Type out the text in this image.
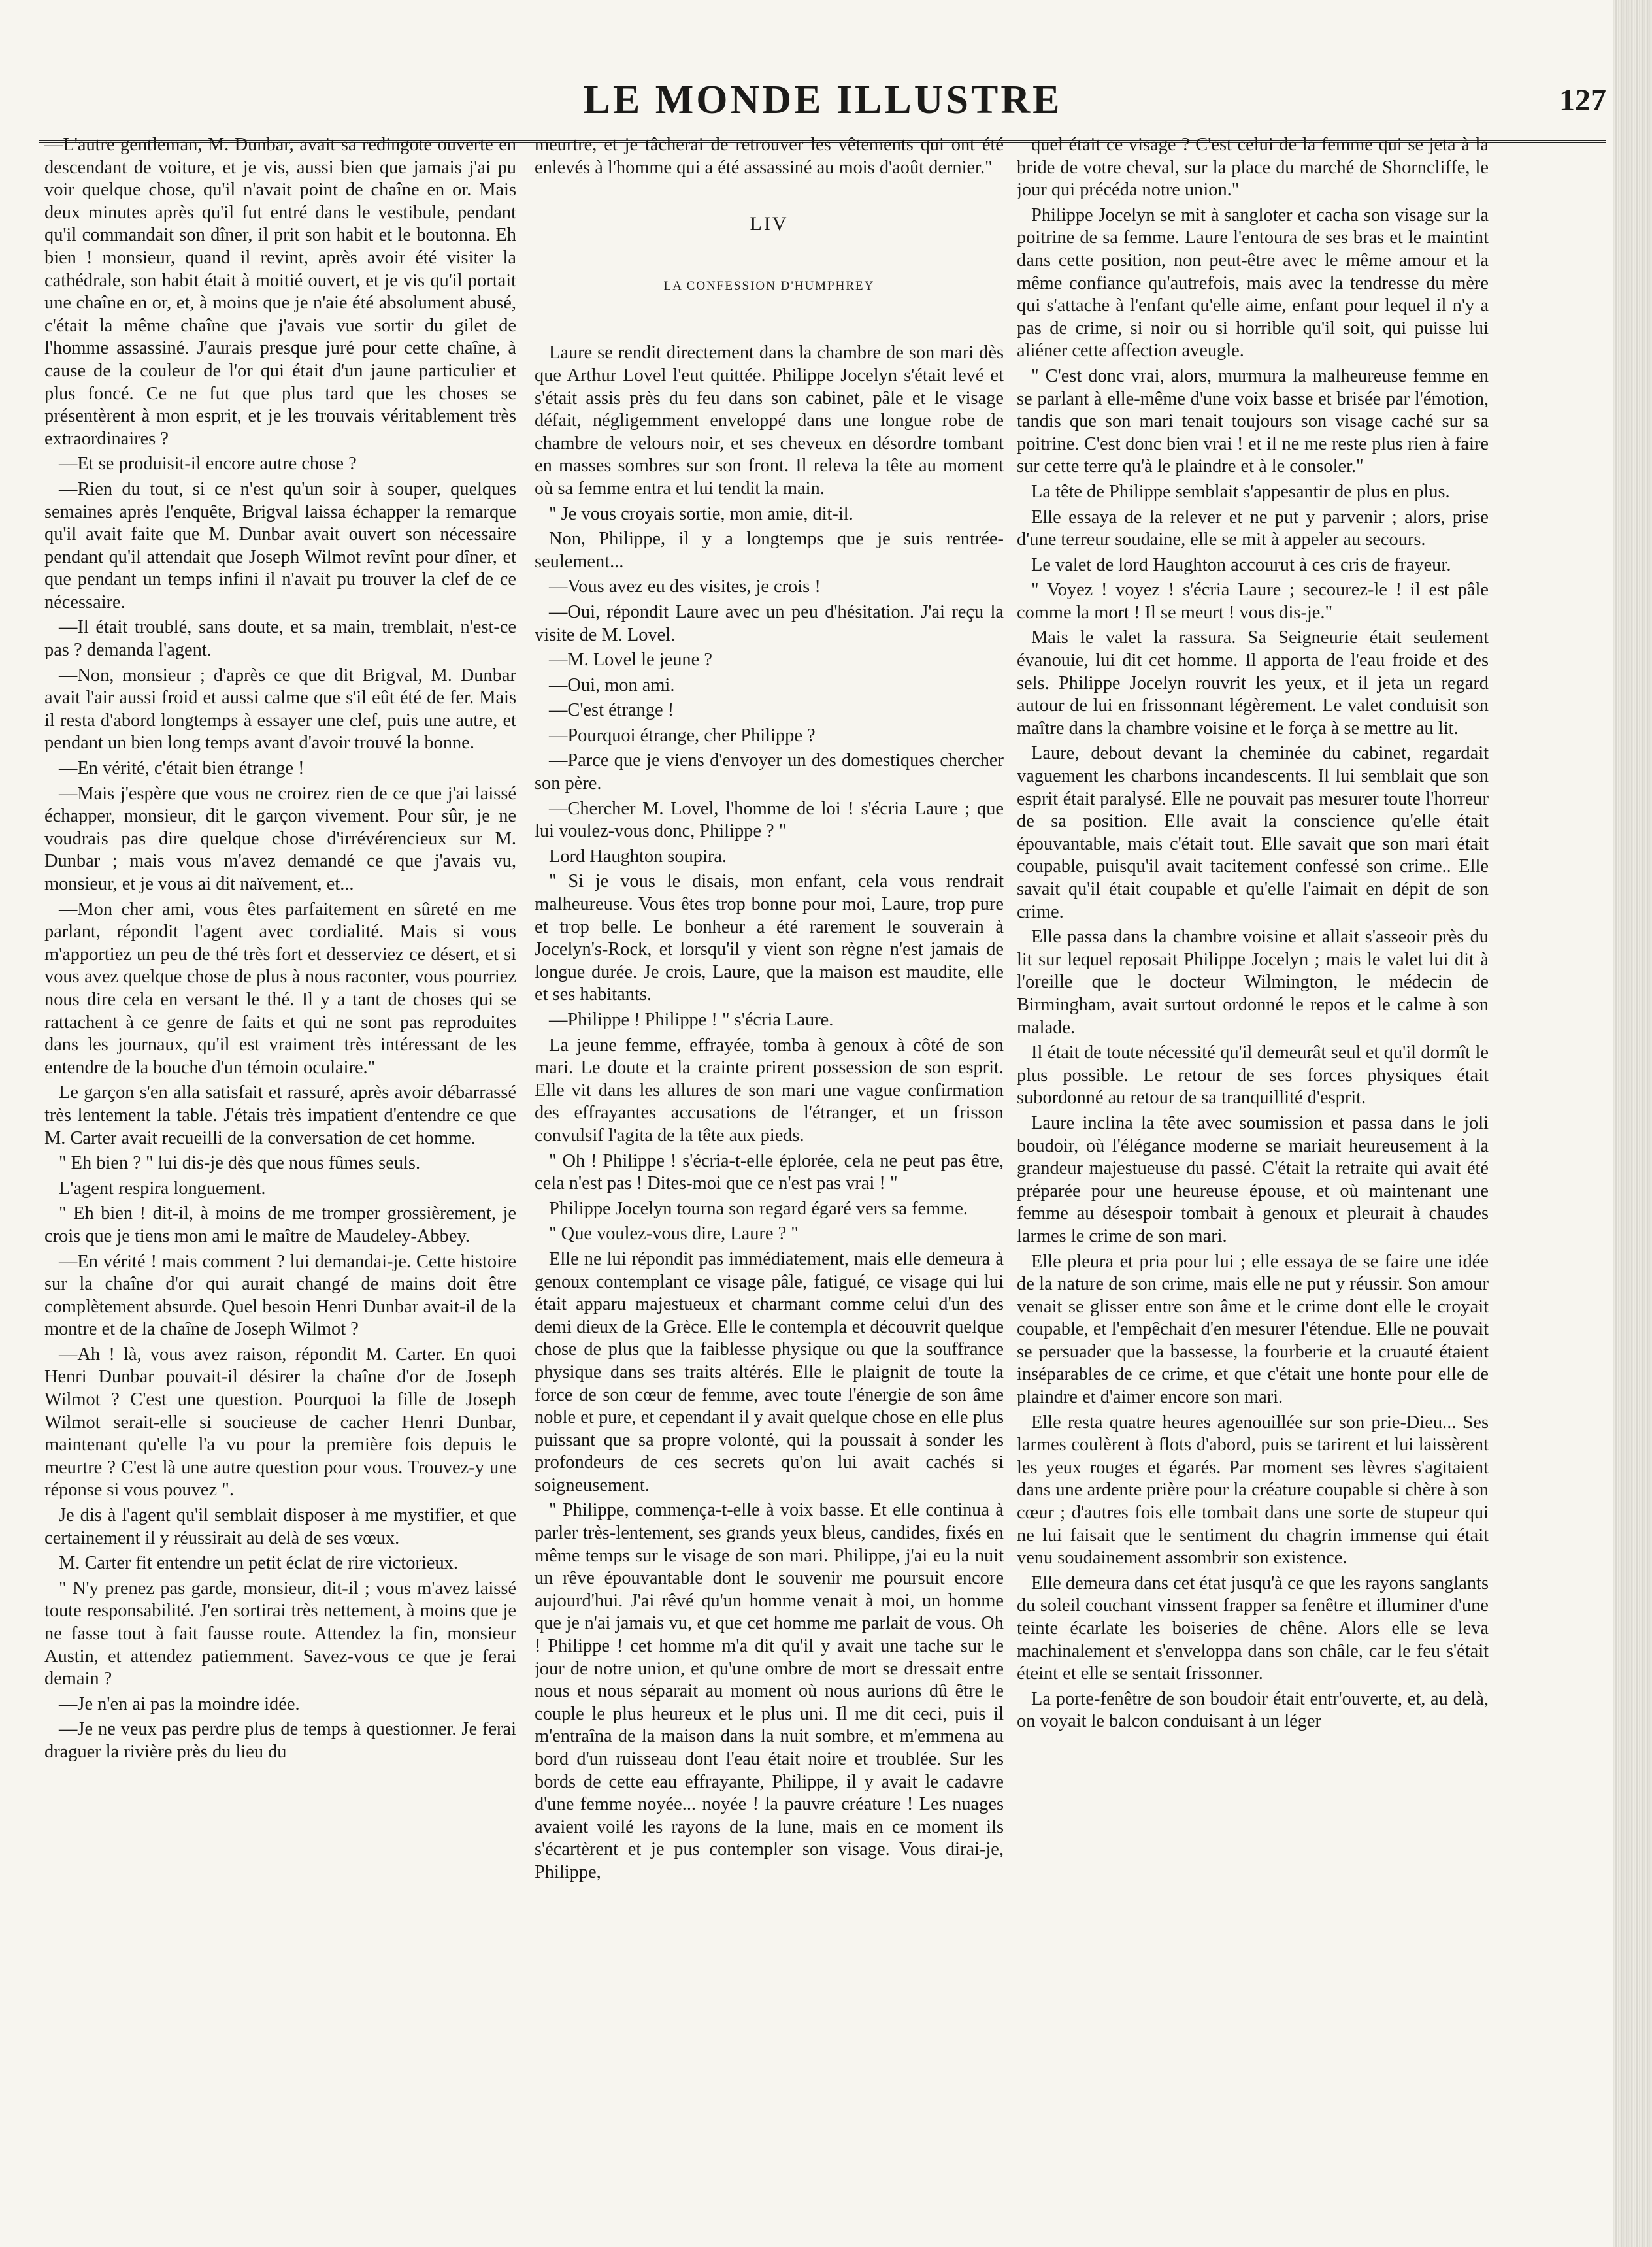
LE MONDE ILLUSTRE	127

—L'autre gentleman, M. Dunbar, avait sa redingote ouverte en descendant de voiture, et je vis, aussi bien que jamais j'ai pu voir quelque chose, qu'il n'avait point de chaîne en or. Mais deux minutes après qu'il fut entré dans le vestibule, pendant qu'il commandait son dîner, il prit son habit et le boutonna. Eh bien ! monsieur, quand il revint, après avoir été visiter la cathédrale, son habit était à moitié ouvert, et je vis qu'il portait une chaîne en or, et, à moins que je n'aie été absolument abusé, c'était la même chaîne que j'avais vue sortir du gilet de l'homme assassiné. J'aurais presque juré pour cette chaîne, à cause de la couleur de l'or qui était d'un jaune particulier et plus foncé. Ce ne fut que plus tard que les choses se présentèrent à mon esprit, et je les trouvais véritablement très extraordinaires ?

—Et se produisit-il encore autre chose ?

—Rien du tout, si ce n'est qu'un soir à souper, quelques semaines après l'enquête, Brigval laissa échapper la remarque qu'il avait faite que M. Dunbar avait ouvert son nécessaire pendant qu'il attendait que Joseph Wilmot revînt pour dîner, et que pendant un temps infini il n'avait pu trouver la clef de ce nécessaire.

—Il était troublé, sans doute, et sa main, tremblait, n'est-ce pas ? demanda l'agent.

—Non, monsieur ; d'après ce que dit Brigval, M. Dunbar avait l'air aussi froid et aussi calme que s'il eût été de fer. Mais il resta d'abord longtemps à essayer une clef, puis une autre, et pendant un bien long temps avant d'avoir trouvé la bonne.

—En vérité, c'était bien étrange !

—Mais j'espère que vous ne croirez rien de ce que j'ai laissé échapper, monsieur, dit le garçon vivement. Pour sûr, je ne voudrais pas dire quelque chose d'irrévérencieux sur M. Dunbar ; mais vous m'avez demandé ce que j'avais vu, monsieur, et je vous ai dit naïvement, et...

—Mon cher ami, vous êtes parfaitement en sûreté en me parlant, répondit l'agent avec cordialité. Mais si vous m'apportiez un peu de thé très fort et desserviez ce désert, et si vous avez quelque chose de plus à nous raconter, vous pourriez nous dire cela en versant le thé. Il y a tant de choses qui se rattachent à ce genre de faits et qui ne sont pas reproduites dans les journaux, qu'il est vraiment très intéressant de les entendre de la bouche d'un témoin oculaire."

Le garçon s'en alla satisfait et rassuré, après avoir débarrassé très lentement la table. J'étais très impatient d'entendre ce que M. Carter avait recueilli de la conversation de cet homme.

" Eh bien ? " lui dis-je dès que nous fûmes seuls.

L'agent respira longuement.

" Eh bien ! dit-il, à moins de me tromper grossièrement, je crois que je tiens mon ami le maître de Maudeley-Abbey.

—En vérité ! mais comment ? lui demandai-je. Cette histoire sur la chaîne d'or qui aurait changé de mains doit être complètement absurde. Quel besoin Henri Dunbar avait-il de la montre et de la chaîne de Joseph Wilmot ?

—Ah ! là, vous avez raison, répondit M. Carter. En quoi Henri Dunbar pouvait-il désirer la chaîne d'or de Joseph Wilmot ? C'est une question. Pourquoi la fille de Joseph Wilmot serait-elle si soucieuse de cacher Henri Dunbar, maintenant qu'elle l'a vu pour la première fois depuis le meurtre ? C'est là une autre question pour vous. Trouvez-y une réponse si vous pouvez ".

Je dis à l'agent qu'il semblait disposer à me mystifier, et que certainement il y réussirait au delà de ses vœux.

M. Carter fit entendre un petit éclat de rire victorieux.

" N'y prenez pas garde, monsieur, dit-il ; vous m'avez laissé toute responsabilité. J'en sortirai très nettement, à moins que je ne fasse tout à fait fausse route. Attendez la fin, monsieur Austin, et attendez patiemment. Savez-vous ce que je ferai demain ?

—Je n'en ai pas la moindre idée.

—Je ne veux pas perdre plus de temps à questionner. Je ferai draguer la rivière près du lieu du

meurtre, et je tâcherai de retrouver les vêtements qui ont été enlevés à l'homme qui a été assassiné au mois d'août dernier."

LIV
LA CONFESSION D'HUMPHREY

Laure se rendit directement dans la chambre de son mari dès que Arthur Lovel l'eut quittée. Philippe Jocelyn s'était levé et s'était assis près du feu dans son cabinet, pâle et le visage défait, négligemment enveloppé dans une longue robe de chambre de velours noir, et ses cheveux en désordre tombant en masses sombres sur son front. Il releva la tête au moment où sa femme entra et lui tendit la main.

" Je vous croyais sortie, mon amie, dit-il.

Non, Philippe, il y a longtemps que je suis rentrée-seulement...

—Vous avez eu des visites, je crois !

—Oui, répondit Laure avec un peu d'hésitation. J'ai reçu la visite de M. Lovel.

—M. Lovel le jeune ?

—Oui, mon ami.

—C'est étrange !

—Pourquoi étrange, cher Philippe ?

—Parce que je viens d'envoyer un des domestiques chercher son père.

—Chercher M. Lovel, l'homme de loi ! s'écria Laure ; que lui voulez-vous donc, Philippe ? "

Lord Haughton soupira.

" Si je vous le disais, mon enfant, cela vous rendrait malheureuse. Vous êtes trop bonne pour moi, Laure, trop pure et trop belle. Le bonheur a été rarement le souverain à Jocelyn's-Rock, et lorsqu'il y vient son règne n'est jamais de longue durée. Je crois, Laure, que la maison est maudite, elle et ses habitants.

—Philippe ! Philippe ! " s'écria Laure.

La jeune femme, effrayée, tomba à genoux à côté de son mari. Le doute et la crainte prirent possession de son esprit. Elle vit dans les allures de son mari une vague confirmation des effrayantes accusations de l'étranger, et un frisson convulsif l'agita de la tête aux pieds.

" Oh ! Philippe ! s'écria-t-elle éplorée, cela ne peut pas être, cela n'est pas ! Dites-moi que ce n'est pas vrai ! "

Philippe Jocelyn tourna son regard égaré vers sa femme.

" Que voulez-vous dire, Laure ? "

Elle ne lui répondit pas immédiatement, mais elle demeura à genoux contemplant ce visage pâle, fatigué, ce visage qui lui était apparu majestueux et charmant comme celui d'un des demi dieux de la Grèce. Elle le contempla et découvrit quelque chose de plus que la faiblesse physique ou que la souffrance physique dans ses traits altérés. Elle le plaignit de toute la force de son cœur de femme, avec toute l'énergie de son âme noble et pure, et cependant il y avait quelque chose en elle plus puissant que sa propre volonté, qui la poussait à sonder les profondeurs de ces secrets qu'on lui avait cachés si soigneusement.

" Philippe, commença-t-elle à voix basse. Et elle continua à parler très-lentement, ses grands yeux bleus, candides, fixés en même temps sur le visage de son mari. Philippe, j'ai eu la nuit un rêve épouvantable dont le souvenir me poursuit encore aujourd'hui. J'ai rêvé qu'un homme venait à moi, un homme que je n'ai jamais vu, et que cet homme me parlait de vous. Oh ! Philippe ! cet homme m'a dit qu'il y avait une tache sur le jour de notre union, et qu'une ombre de mort se dressait entre nous et nous séparait au moment où nous aurions dû être le couple le plus heureux et le plus uni. Il me dit ceci, puis il m'entraîna de la maison dans la nuit sombre, et m'emmena au bord d'un ruisseau dont l'eau était noire et troublée. Sur les bords de cette eau effrayante, Philippe, il y avait le cadavre d'une femme noyée... noyée ! la pauvre créature ! Les nuages avaient voilé les rayons de la lune, mais en ce moment ils s'écartèrent et je pus contempler son visage. Vous dirai-je, Philippe,

quel était ce visage ? C'est celui de la femme qui se jeta à la bride de votre cheval, sur la place du marché de Shorncliffe, le jour qui précéda notre union."

Philippe Jocelyn se mit à sangloter et cacha son visage sur la poitrine de sa femme. Laure l'entoura de ses bras et le maintint dans cette position, non peut-être avec le même amour et la même confiance qu'autrefois, mais avec la tendresse du mère qui s'attache à l'enfant qu'elle aime, enfant pour lequel il n'y a pas de crime, si noir ou si horrible qu'il soit, qui puisse lui aliéner cette affection aveugle.

" C'est donc vrai, alors, murmura la malheureuse femme en se parlant à elle-même d'une voix basse et brisée par l'émotion, tandis que son mari tenait toujours son visage caché sur sa poitrine. C'est donc bien vrai ! et il ne me reste plus rien à faire sur cette terre qu'à le plaindre et à le consoler."

La tête de Philippe semblait s'appesantir de plus en plus.

Elle essaya de la relever et ne put y parvenir ; alors, prise d'une terreur soudaine, elle se mit à appeler au secours.

Le valet de lord Haughton accourut à ces cris de frayeur.

" Voyez ! voyez ! s'écria Laure ; secourez-le ! il est pâle comme la mort ! Il se meurt ! vous dis-je."

Mais le valet la rassura. Sa Seigneurie était seulement évanouie, lui dit cet homme. Il apporta de l'eau froide et des sels. Philippe Jocelyn rouvrit les yeux, et il jeta un regard autour de lui en frissonnant légèrement. Le valet conduisit son maître dans la chambre voisine et le força à se mettre au lit.

Laure, debout devant la cheminée du cabinet, regardait vaguement les charbons incandescents. Il lui semblait que son esprit était paralysé. Elle ne pouvait pas mesurer toute l'horreur de sa position. Elle avait la conscience qu'elle était épouvantable, mais c'était tout. Elle savait que son mari était coupable, puisqu'il avait tacitement confessé son crime.. Elle savait qu'il était coupable et qu'elle l'aimait en dépit de son crime.

Elle passa dans la chambre voisine et allait s'asseoir près du lit sur lequel reposait Philippe Jocelyn ; mais le valet lui dit à l'oreille que le docteur Wilmington, le médecin de Birmingham, avait surtout ordonné le repos et le calme à son malade.

Il était de toute nécessité qu'il demeurât seul et qu'il dormît le plus possible. Le retour de ses forces physiques était subordonné au retour de sa tranquillité d'esprit.

Laure inclina la tête avec soumission et passa dans le joli boudoir, où l'élégance moderne se mariait heureusement à la grandeur majestueuse du passé. C'était la retraite qui avait été préparée pour une heureuse épouse, et où maintenant une femme au désespoir tombait à genoux et pleurait à chaudes larmes le crime de son mari.

Elle pleura et pria pour lui ; elle essaya de se faire une idée de la nature de son crime, mais elle ne put y réussir. Son amour venait se glisser entre son âme et le crime dont elle le croyait coupable, et l'empêchait d'en mesurer l'étendue. Elle ne pouvait se persuader que la bassesse, la fourberie et la cruauté étaient inséparables de ce crime, et que c'était une honte pour elle de plaindre et d'aimer encore son mari.

Elle resta quatre heures agenouillée sur son prie-Dieu... Ses larmes coulèrent à flots d'abord, puis se tarirent et lui laissèrent les yeux rouges et égarés. Par moment ses lèvres s'agitaient dans une ardente prière pour la créature coupable si chère à son cœur ; d'autres fois elle tombait dans une sorte de stupeur qui ne lui faisait que le sentiment du chagrin immense qui était venu soudainement assombrir son existence.

Elle demeura dans cet état jusqu'à ce que les rayons sanglants du soleil couchant vinssent frapper sa fenêtre et illuminer d'une teinte écarlate les boiseries de chêne. Alors elle se leva machinalement et s'enveloppa dans son châle, car le feu s'était éteint et elle se sentait frissonner.

La porte-fenêtre de son boudoir était entr'ouverte, et, au delà, on voyait le balcon conduisant à un léger
